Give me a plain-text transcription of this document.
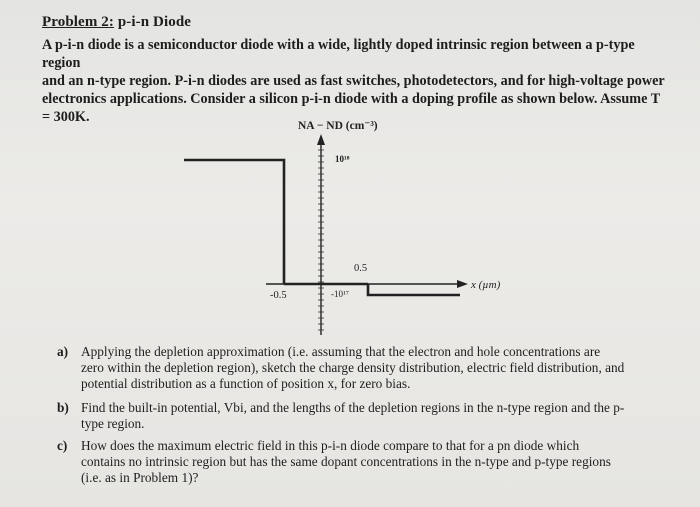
Problem 2: p-i-n Diode
A p-i-n diode is a semiconductor diode with a wide, lightly doped intrinsic region between a p-type region
and an n-type region. P-i-n diodes are used as fast switches, photodetectors, and for high-voltage power
electronics applications. Consider a silicon p-i-n diode with a doping profile as shown below. Assume T
= 300K.
NA − ND (cm⁻³)
10¹⁸
0.5
-0.5	-10¹⁷
x (µm)
a) Applying the depletion approximation (i.e. assuming that the electron and hole concentrations are
zero within the depletion region), sketch the charge density distribution, electric field distribution, and
potential distribution as a function of position x, for zero bias.
b) Find the built-in potential, Vbi, and the lengths of the depletion regions in the n-type region and the p-
type region.
c) How does the maximum electric field in this p-i-n diode compare to that for a pn diode which
contains no intrinsic region but has the same dopant concentrations in the n-type and p-type regions
(i.e. as in Problem 1)?
